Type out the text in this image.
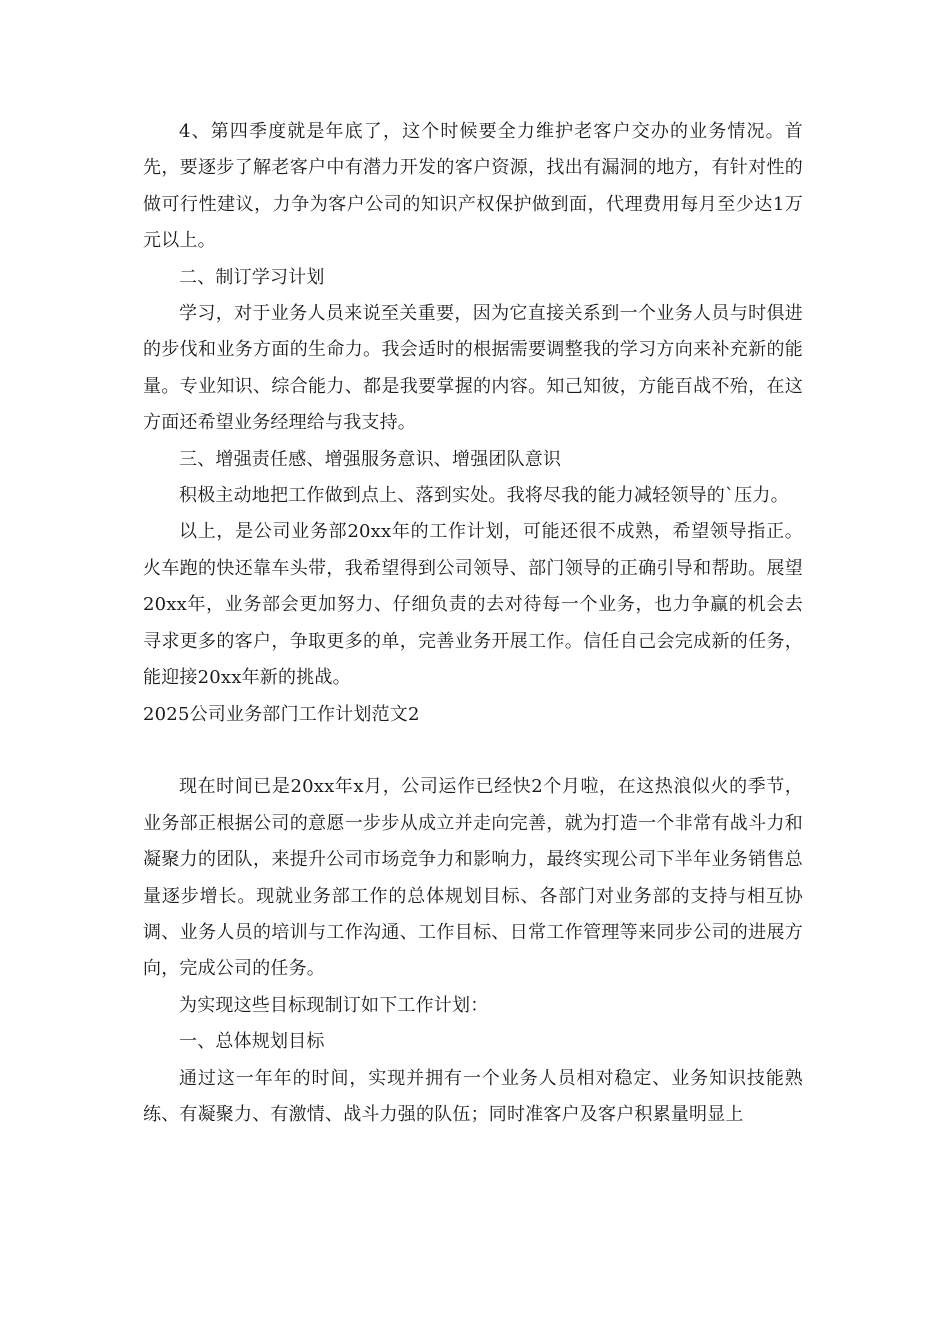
4、第四季度就是年底了，这个时候要全力维护老客户交办的业务情况。首先，要逐步了解老客户中有潜力开发的客户资源，找出有漏洞的地方，有针对性的做可行性建议，力争为客户公司的知识产权保护做到面，代理费用每月至少达1万元以上。

二、制订学习计划

学习，对于业务人员来说至关重要，因为它直接关系到一个业务人员与时俱进的步伐和业务方面的生命力。我会适时的根据需要调整我的学习方向来补充新的能量。专业知识、综合能力、都是我要掌握的内容。知己知彼，方能百战不殆，在这方面还希望业务经理给与我支持。

三、增强责任感、增强服务意识、增强团队意识

积极主动地把工作做到点上、落到实处。我将尽我的能力减轻领导的`压力。

以上，是公司业务部20xx年的工作计划，可能还很不成熟，希望领导指正。火车跑的快还靠车头带，我希望得到公司领导、部门领导的正确引导和帮助。展望20xx年，业务部会更加努力、仔细负责的去对待每一个业务，也力争赢的机会去寻求更多的客户，争取更多的单，完善业务开展工作。信任自己会完成新的任务，能迎接20xx年新的挑战。

2025公司业务部门工作计划范文2

现在时间已是20xx年x月，公司运作已经快2个月啦，在这热浪似火的季节，业务部正根据公司的意愿一步步从成立并走向完善，就为打造一个非常有战斗力和凝聚力的团队，来提升公司市场竞争力和影响力，最终实现公司下半年业务销售总量逐步增长。现就业务部工作的总体规划目标、各部门对业务部的支持与相互协调、业务人员的培训与工作沟通、工作目标、日常工作管理等来同步公司的进展方向，完成公司的任务。

为实现这些目标现制订如下工作计划：

一、总体规划目标

通过这一年年的时间，实现并拥有一个业务人员相对稳定、业务知识技能熟练、有凝聚力、有激情、战斗力强的队伍；同时准客户及客户积累量明显上
